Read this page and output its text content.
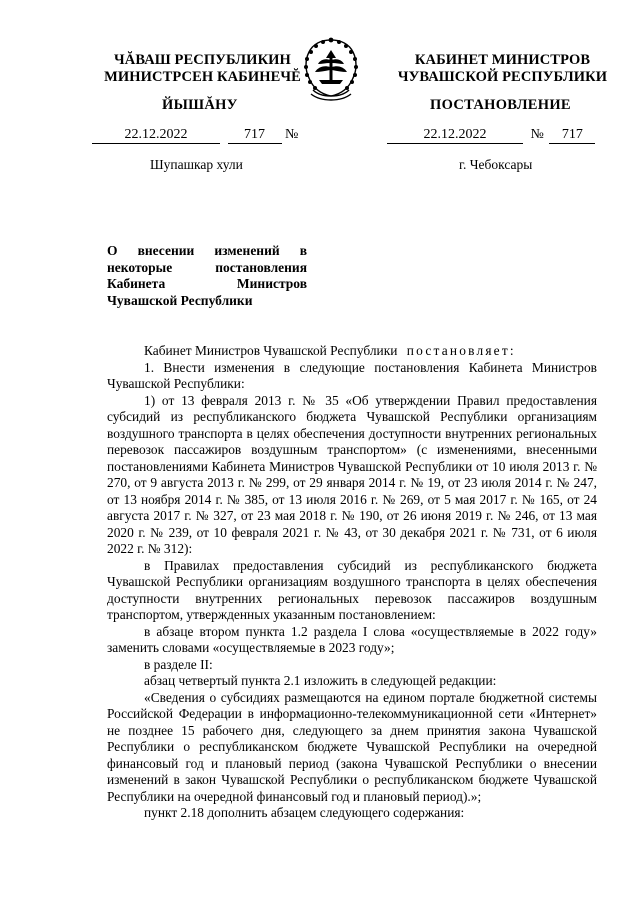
ЧĂВАШ РЕСПУБЛИКИН
МИНИСТРСЕН КАБИНЕЧĔ
КАБИНЕТ МИНИСТРОВ
ЧУВАШСКОЙ РЕСПУБЛИКИ
ЙЫШĂНУ	ПОСТАНОВЛЕНИЕ
22.12.2022	717 №	22.12.2022	№ 717
Шупашкар хули	г. Чебоксары
О внесении изменений в некоторые постановления Кабинета Министров Чувашской Республики

Кабинет Министров Чувашской Республики постановляет:

1. Внести изменения в следующие постановления Кабинета Министров Чувашской Республики:

1) от 13 февраля 2013 г. № 35 «Об утверждении Правил предоставления субсидий из республиканского бюджета Чувашской Республики организациям воздушного транспорта в целях обеспечения доступности внутренних региональных перевозок пассажиров воздушным транспортом» (с изменениями, внесенными постановлениями Кабинета Министров Чувашской Республики от 10 июля 2013 г. № 270, от 9 августа 2013 г. № 299, от 29 января 2014 г. № 19, от 23 июля 2014 г. № 247, от 13 ноября 2014 г. № 385, от 13 июля 2016 г. № 269, от 5 мая 2017 г. № 165, от 24 августа 2017 г. № 327, от 23 мая 2018 г. № 190, от 26 июня 2019 г. № 246, от 13 мая 2020 г. № 239, от 10 февраля 2021 г. № 43, от 30 декабря 2021 г. № 731, от 6 июля 2022 г. № 312):

в Правилах предоставления субсидий из республиканского бюджета Чувашской Республики организациям воздушного транспорта в целях обеспечения доступности внутренних региональных перевозок пассажиров воздушным транспортом, утвержденных указанным постановлением:

в абзаце втором пункта 1.2 раздела I слова «осуществляемые в 2022 году» заменить словами «осуществляемые в 2023 году»;

в разделе II:

абзац четвертый пункта 2.1 изложить в следующей редакции:

«Сведения о субсидиях размещаются на едином портале бюджетной системы Российской Федерации в информационно-телекоммуникационной сети «Интернет» не позднее 15 рабочего дня, следующего за днем принятия закона Чувашской Республики о республиканском бюджете Чувашской Республики на очередной финансовый год и плановый период (закона Чувашской Республики о внесении изменений в закон Чувашской Республики о республиканском бюджете Чувашской Республики на очередной финансовый год и плановый период).»;

пункт 2.18 дополнить абзацем следующего содержания:
